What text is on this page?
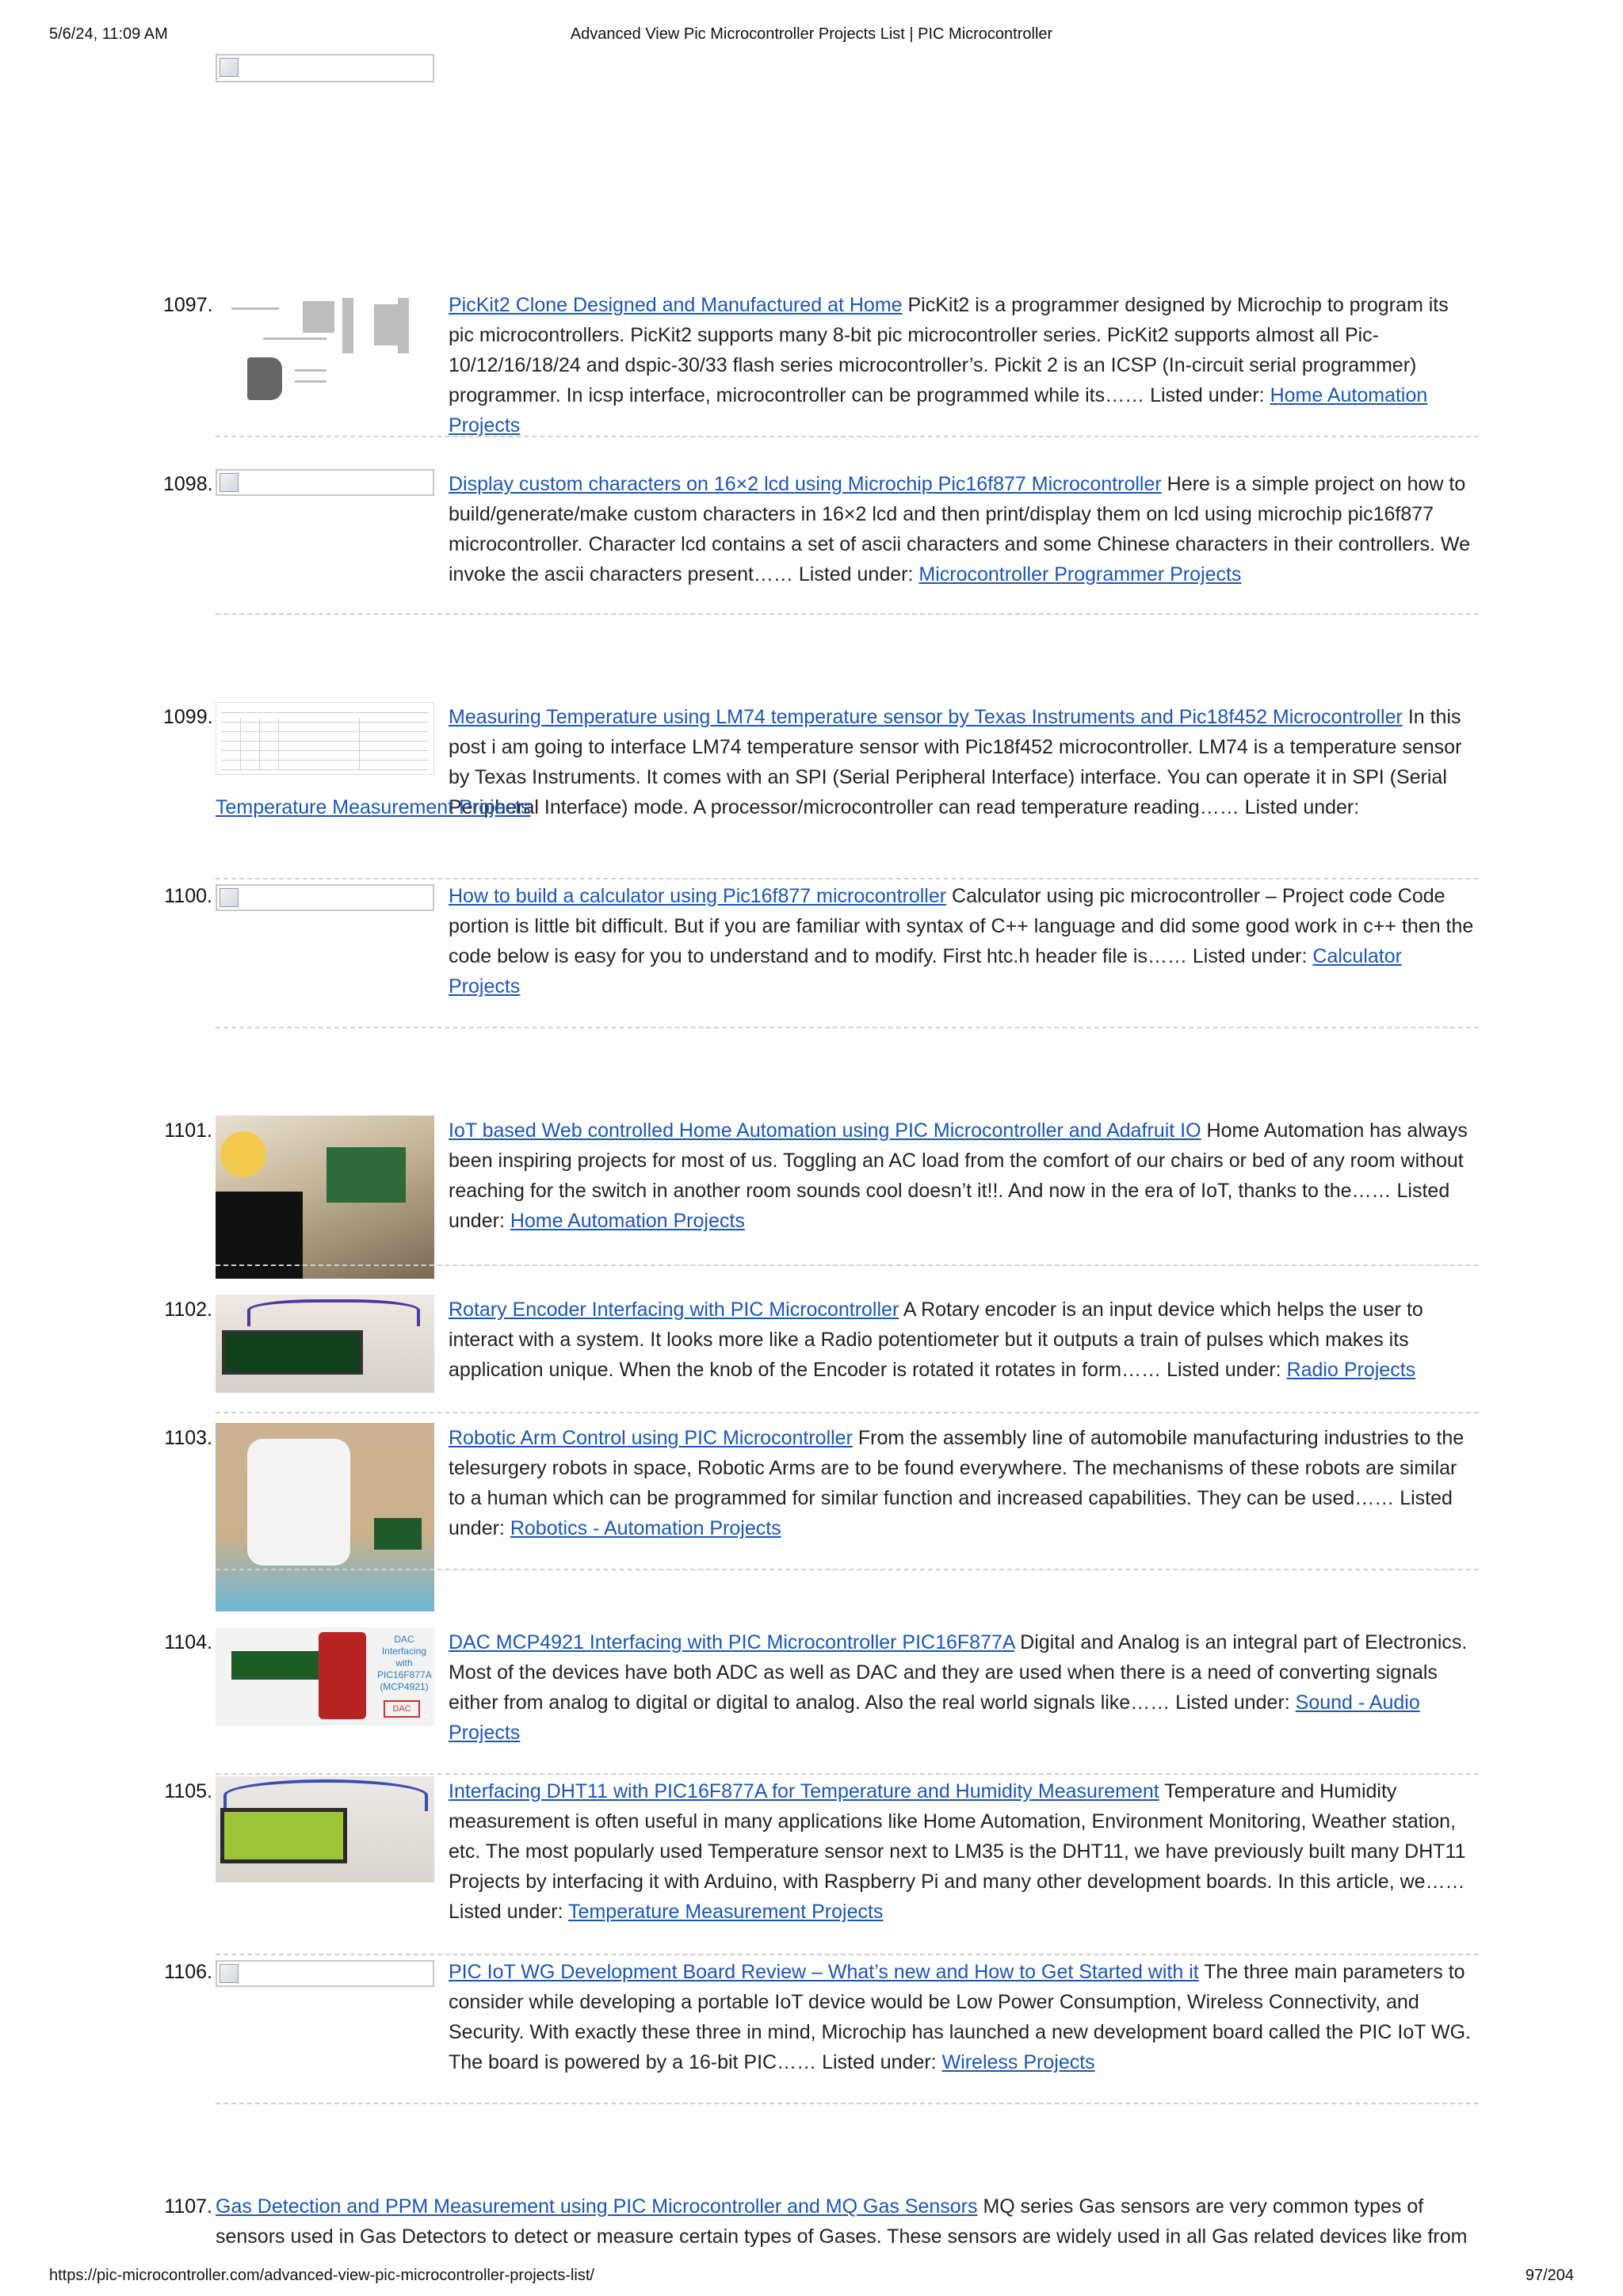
5/6/24, 11:09 AM	Advanced View Pic Microcontroller Projects List | PIC Microcontroller
1097.	PicKit2 Clone Designed and Manufactured at Home PicKit2 is a programmer designed by Microchip to program its pic microcontrollers. PicKit2 supports many 8-bit pic microcontroller series. PicKit2 supports almost all Pic-10/12/16/18/24 and dspic-30/33 flash series microcontroller’s. Pickit 2 is an ICSP (In-circuit serial programmer) programmer. In icsp interface, microcontroller can be programmed while its…… Listed under: Home Automation Projects
1098.	Display custom characters on 16×2 lcd using Microchip Pic16f877 Microcontroller Here is a simple project on how to build/generate/make custom characters in 16×2 lcd and then print/display them on lcd using microchip pic16f877 microcontroller. Character lcd contains a set of ascii characters and some Chinese characters in their controllers. We invoke the ascii characters present…… Listed under: Microcontroller Programmer Projects
1099.	Measuring Temperature using LM74 temperature sensor by Texas Instruments and Pic18f452 Microcontroller In this post i am going to interface LM74 temperature sensor with Pic18f452 microcontroller. LM74 is a temperature sensor by Texas Instruments. It comes with an SPI (Serial Peripheral Interface) interface. You can operate it in SPI (Serial Peripheral Interface) mode. A processor/microcontroller can read temperature reading…… Listed under:
Temperature Measurement Projects
1100.	How to build a calculator using Pic16f877 microcontroller Calculator using pic microcontroller – Project code Code portion is little bit difficult. But if you are familiar with syntax of C++ language and did some good work in c++ then the code below is easy for you to understand and to modify. First htc.h header file is…… Listed under: Calculator Projects
1101.	IoT based Web controlled Home Automation using PIC Microcontroller and Adafruit IO Home Automation has always been inspiring projects for most of us. Toggling an AC load from the comfort of our chairs or bed of any room without reaching for the switch in another room sounds cool doesn’t it!!. And now in the era of IoT, thanks to the…… Listed under: Home Automation Projects
1102.	Rotary Encoder Interfacing with PIC Microcontroller A Rotary encoder is an input device which helps the user to interact with a system. It looks more like a Radio potentiometer but it outputs a train of pulses which makes its application unique. When the knob of the Encoder is rotated it rotates in form…… Listed under: Radio Projects
1103.	Robotic Arm Control using PIC Microcontroller From the assembly line of automobile manufacturing industries to the telesurgery robots in space, Robotic Arms are to be found everywhere. The mechanisms of these robots are similar to a human which can be programmed for similar function and increased capabilities. They can be used…… Listed under: Robotics - Automation Projects
1104.	DAC Interfacing with PIC16F877A (MCP4921)
DAC
DAC MCP4921 Interfacing with PIC Microcontroller PIC16F877A Digital and Analog is an integral part of Electronics. Most of the devices have both ADC as well as DAC and they are used when there is a need of converting signals either from analog to digital or digital to analog. Also the real world signals like…… Listed under: Sound - Audio Projects
1105.	Interfacing DHT11 with PIC16F877A for Temperature and Humidity Measurement Temperature and Humidity measurement is often useful in many applications like Home Automation, Environment Monitoring, Weather station, etc. The most popularly used Temperature sensor next to LM35 is the DHT11, we have previously built many DHT11 Projects by interfacing it with Arduino, with Raspberry Pi and many other development boards. In this article, we…… Listed under: Temperature Measurement Projects
1106.	PIC IoT WG Development Board Review – What’s new and How to Get Started with it The three main parameters to consider while developing a portable IoT device would be Low Power Consumption, Wireless Connectivity, and Security. With exactly these three in mind, Microchip has launched a new development board called the PIC IoT WG. The board is powered by a 16-bit PIC…… Listed under: Wireless Projects
1107. Gas Detection and PPM Measurement using PIC Microcontroller and MQ Gas Sensors MQ series Gas sensors are very common types of sensors used in Gas Detectors to detect or measure certain types of Gases. These sensors are widely used in all Gas related devices like from
https://pic-microcontroller.com/advanced-view-pic-microcontroller-projects-list/	97/204
